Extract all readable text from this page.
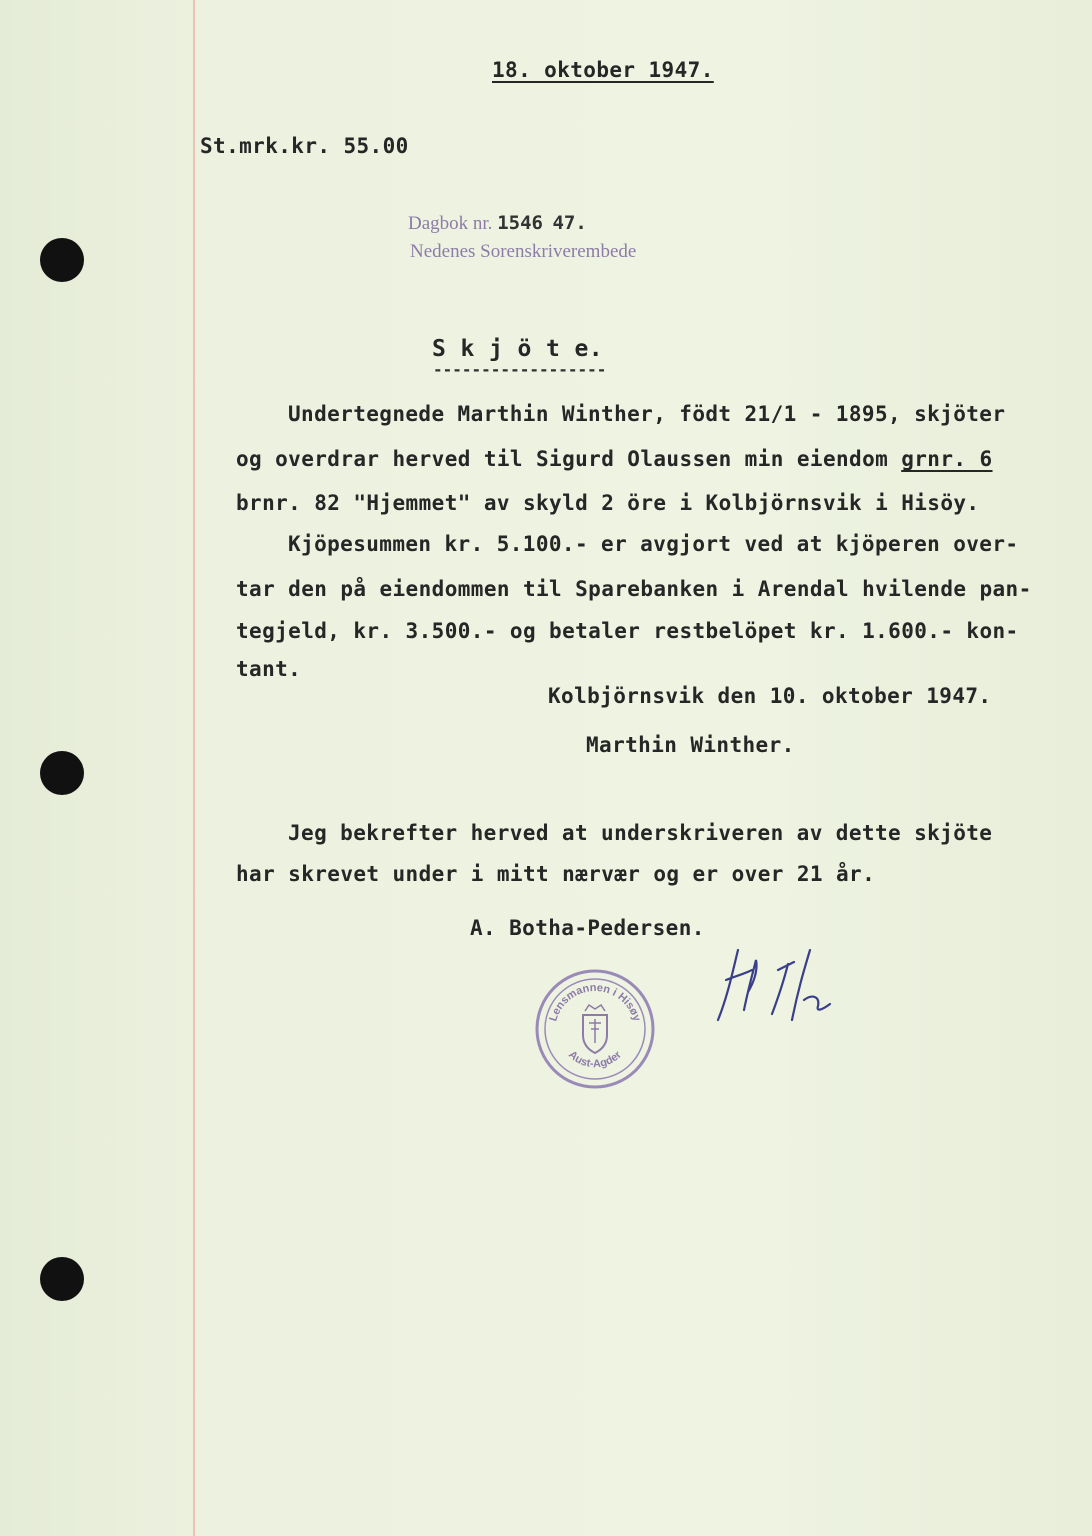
18. oktober 1947.
St.mrk.kr. 55.00
Dagbok nr. 1546 47.
Nedenes Sorenskriverembede
S k j ö t e.
------------------
Undertegnede Marthin Winther, födt 21/1 - 1895, skjöter
og overdrar herved til Sigurd Olaussen min eiendom grnr. 6
brnr. 82 "Hjemmet" av skyld 2 öre i Kolbjörnsvik i Hisöy.
Kjöpesummen kr. 5.100.- er avgjort ved at kjöperen over-
tar den på eiendommen til Sparebanken i Arendal hvilende pan-
tegjeld, kr. 3.500.- og betaler restbelöpet kr. 1.600.- kon-
tant.
Kolbjörnsvik den 10. oktober 1947.
Marthin Winther.
Jeg bekrefter herved at underskriveren av dette skjöte
har skrevet under i mitt nærvær og er over 21 år.
A. Botha-Pedersen.
Lensmannen i Hisøy
Aust-Agder
